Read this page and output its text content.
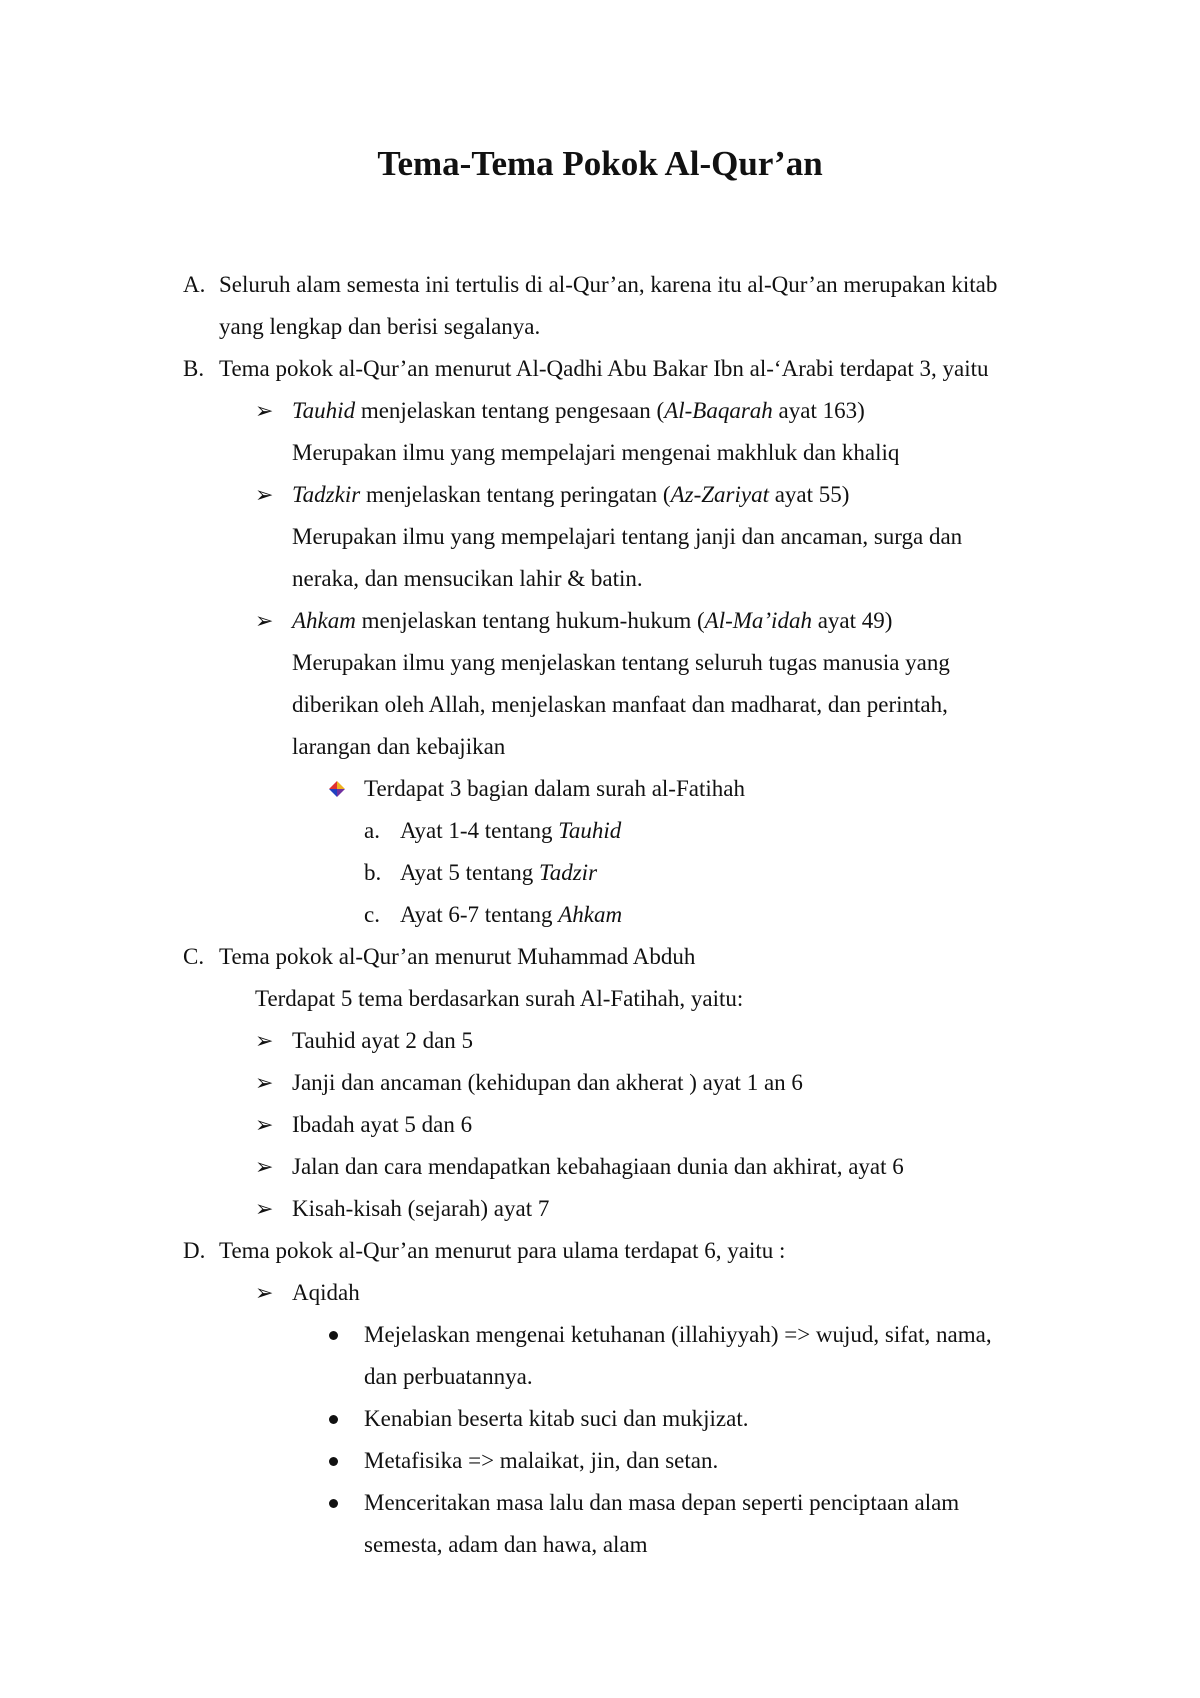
Tema-Tema Pokok Al-Qur’an
A. Seluruh alam semesta ini tertulis di al-Qur’an, karena itu al-Qur’an merupakan kitab
yang lengkap dan berisi segalanya.
B. Tema pokok al-Qur’an menurut Al-Qadhi Abu Bakar Ibn al-‘Arabi terdapat 3, yaitu
➢ Tauhid menjelaskan tentang pengesaan (Al-Baqarah ayat 163)
Merupakan ilmu yang mempelajari mengenai makhluk dan khaliq
➢ Tadzkir menjelaskan tentang peringatan (Az-Zariyat ayat 55)
Merupakan ilmu yang mempelajari tentang janji dan ancaman, surga dan
neraka, dan mensucikan lahir & batin.
➢ Ahkam menjelaskan tentang hukum-hukum (Al-Ma’idah ayat 49)
Merupakan ilmu yang menjelaskan tentang seluruh tugas manusia yang
diberikan oleh Allah, menjelaskan manfaat dan madharat, dan perintah,
larangan dan kebajikan
Terdapat 3 bagian dalam surah al-Fatihah
a. Ayat 1-4 tentang Tauhid
b. Ayat 5 tentang Tadzir
c. Ayat 6-7 tentang Ahkam
C. Tema pokok al-Qur’an menurut Muhammad Abduh
Terdapat 5 tema berdasarkan surah Al-Fatihah, yaitu:
➢ Tauhid ayat 2 dan 5
➢ Janji dan ancaman (kehidupan dan akherat ) ayat 1 an 6
➢ Ibadah ayat 5 dan 6
➢ Jalan dan cara mendapatkan kebahagiaan dunia dan akhirat, ayat 6
➢ Kisah-kisah (sejarah) ayat 7
D. Tema pokok al-Qur’an menurut para ulama terdapat 6, yaitu :
➢ Aqidah
Mejelaskan mengenai ketuhanan (illahiyyah) => wujud, sifat, nama,
dan perbuatannya.
Kenabian beserta kitab suci dan mukjizat.
Metafisika => malaikat, jin, dan setan.
Menceritakan masa lalu dan masa depan seperti penciptaan alam
semesta, adam dan hawa, alam
